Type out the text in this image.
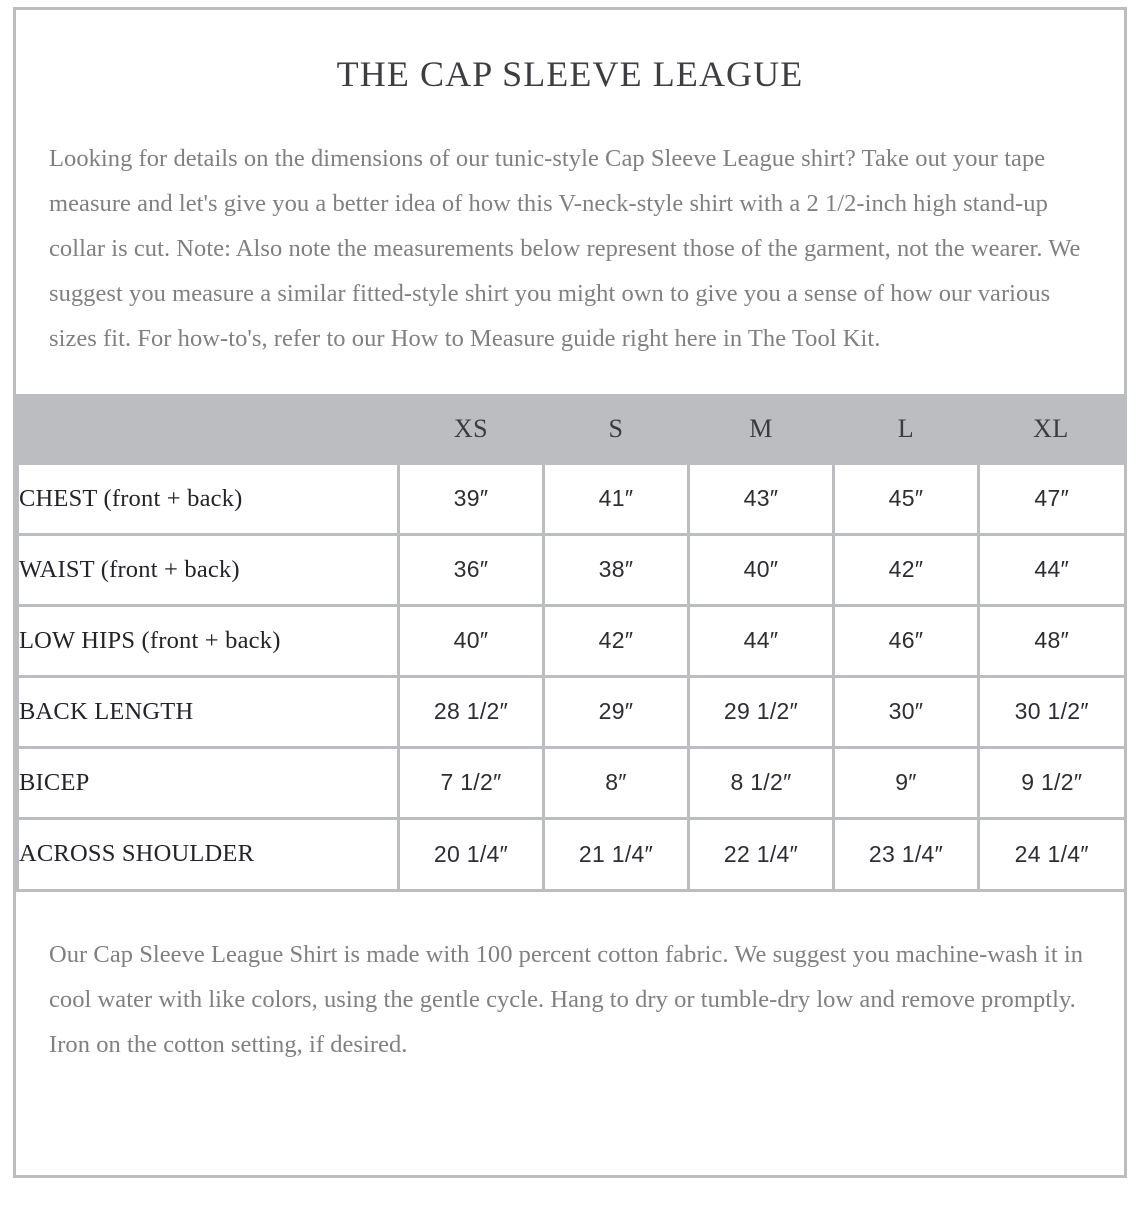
THE CAP SLEEVE LEAGUE

Looking for details on the dimensions of our tunic-style Cap Sleeve League shirt? Take out your tape measure and let's give you a better idea of how this V-neck-style shirt with a 2 1/2-inch high stand-up collar is cut. Note: Also note the measurements below represent those of the garment, not the wearer. We suggest you measure a similar fitted-style shirt you might own to give you a sense of how our various sizes fit. For how-to's, refer to our How to Measure guide right here in The Tool Kit.

	XS	S	M	L	XL
CHEST (front + back)	39″	41″	43″	45″	47″
WAIST (front + back)	36″	38″	40″	42″	44″
LOW HIPS (front + back)	40″	42″	44″	46″	48″
BACK LENGTH	28 1/2″	29″	29 1/2″	30″	30 1/2″
BICEP	7 1/2″	8″	8 1/2″	9″	9 1/2″
ACROSS SHOULDER	20 1/4″	21 1/4″	22 1/4″	23 1/4″	24 1/4″

Our Cap Sleeve League Shirt is made with 100 percent cotton fabric. We suggest you machine-wash it in cool water with like colors, using the gentle cycle. Hang to dry or tumble-dry low and remove promptly. Iron on the cotton setting, if desired.
